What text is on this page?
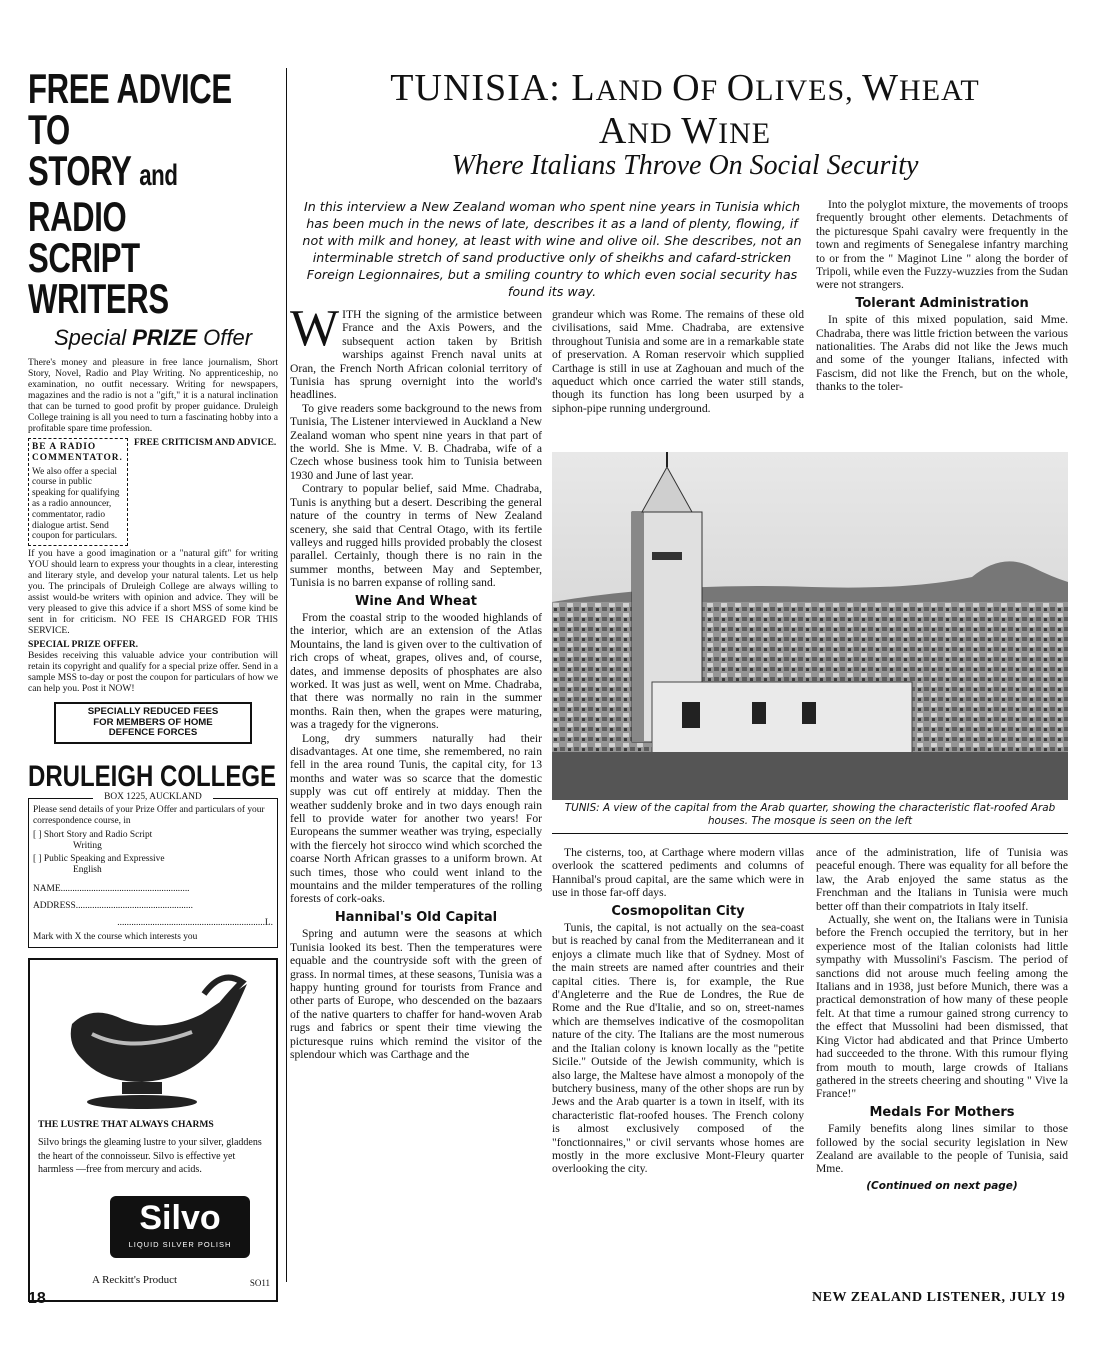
FREE ADVICE TO
STORY and RADIO
SCRIPT WRITERS
Special PRIZE Offer

There's money and pleasure in free lance journalism, Short Story, Novel, Radio and Play Writing. No apprenticeship, no examination, no outfit necessary. Writing for newspapers, magazines and the radio is not a "gift," it is a natural inclination that can be turned to good profit by proper guidance. Druleigh College training is all you need to turn a fascinating hobby into a profitable spare time profession.

BE A RADIO COMMENTATOR.
We also offer a special course in public speaking for qualifying as a radio announcer, commentator, radio dialogue artist. Send coupon for particulars.
FREE CRITICISM AND ADVICE.

If you have a good imagination or a "natural gift" for writing YOU should learn to express your thoughts in a clear, interesting and literary style, and develop your natural talents. Let us help you. The principals of Druleigh College are always willing to assist would-be writers with opinion and advice. They will be very pleased to give this advice if a short MSS of some kind be sent in for criticism. NO FEE IS CHARGED FOR THIS SERVICE.

SPECIAL PRIZE OFFER.

Besides receiving this valuable advice your contribution will retain its copyright and qualify for a special prize offer. Send in a sample MSS to-day or post the coupon for particulars of how we can help you. Post it NOW!

SPECIALLY REDUCED FEES
FOR MEMBERS OF HOME
DEFENCE FORCES
DRULEIGH COLLEGE
BOX 1225, AUCKLAND
Please send details of your Prize Offer and particulars of your correspondence course, in
[ ] Short Story and Radio Script
Writing
[ ] Public Speaking and Expressive
English
NAME.......................................................
ADDRESS..................................................
...............................................................L.
Mark with X the course which interests you
THE LUSTRE THAT ALWAYS CHARMS
Silvo brings the gleaming lustre to your silver, gladdens the heart of the connoisseur. Silvo is effective yet harmless —free from mercury and acids.
Silvo
LIQUID SILVER POLISH
A Reckitt's Product	SO11
TUNISIA: LAND OF OLIVES, WHEAT
AND WINE
Where Italians Throve On Social Security
In this interview a New Zealand woman who spent nine years in Tunisia which has been much in the news of late, describes it as a land of plenty, flowing, if not with milk and honey, at least with wine and olive oil. She describes, not an interminable stretch of sand productive only of sheikhs and cafard-stricken Foreign Legionnaires, but a smiling country to which even social security has found its way.

Into the polyglot mixture, the movements of troops frequently brought other elements. Detachments of the picturesque Spahi cavalry were frequently in the town and regiments of Senegalese infantry marching to or from the " Maginot Line " along the border of Tripoli, while even the Fuzzy-wuzzies from the Sudan were not strangers.

Tolerant Administration

In spite of this mixed population, said Mme. Chadraba, there was little friction between the various nationalities. The Arabs did not like the Jews much and some of the younger Italians, infected with Fascism, did not like the French, but on the whole, thanks to the toler-

WITH the signing of the armistice between France and the Axis Powers, and the subsequent action taken by British warships against French naval units at Oran, the French North African colonial territory of Tunisia has sprung overnight into the world's headlines.

To give readers some background to the news from Tunisia, The Listener interviewed in Auckland a New Zealand woman who spent nine years in that part of the world. She is Mme. V. B. Chadraba, wife of a Czech whose business took him to Tunisia between 1930 and June of last year.

Contrary to popular belief, said Mme. Chadraba, Tunis is anything but a desert. Describing the general nature of the country in terms of New Zealand scenery, she said that Central Otago, with its fertile valleys and rugged hills provided probably the closest parallel. Certainly, though there is no rain in the summer months, between May and September, Tunisia is no barren expanse of rolling sand.

Wine And Wheat

From the coastal strip to the wooded highlands of the interior, which are an extension of the Atlas Mountains, the land is given over to the cultivation of rich crops of wheat, grapes, olives and, of course, dates, and immense deposits of phosphates are also worked. It was just as well, went on Mme. Chadraba, that there was normally no rain in the summer months. Rain then, when the grapes were maturing, was a tragedy for the vignerons.

Long, dry summers naturally had their disadvantages. At one time, she remembered, no rain fell in the area round Tunis, the capital city, for 13 months and water was so scarce that the domestic supply was cut off entirely at midday. Then the weather suddenly broke and in two days enough rain fell to provide water for another two years! For Europeans the summer weather was trying, especially with the fiercely hot sirocco wind which scorched the coarse North African grasses to a uniform brown. At such times, those who could went inland to the mountains and the milder temperatures of the rolling forests of cork-oaks.

Hannibal's Old Capital

Spring and autumn were the seasons at which Tunisia looked its best. Then the temperatures were equable and the countryside soft with the green of grass. In normal times, at these seasons, Tunisia was a happy hunting ground for tourists from France and other parts of Europe, who descended on the bazaars of the native quarters to chaffer for hand-woven Arab rugs and fabrics or spent their time viewing the picturesque ruins which remind the visitor of the splendour which was Carthage and the

grandeur which was Rome. The remains of these old civilisations, said Mme. Chadraba, are extensive throughout Tunisia and some are in a remarkable state of preservation. A Roman reservoir which supplied Carthage is still in use at Zaghouan and much of the aqueduct which once carried the water still stands, though its function has long been usurped by a siphon-pipe running underground.

TUNIS: A view of the capital from the Arab quarter, showing the characteristic flat-roofed Arab houses. The mosque is seen on the left

The cisterns, too, at Carthage where modern villas overlook the scattered pediments and columns of Hannibal's proud capital, are the same which were in use in those far-off days.

Cosmopolitan City

Tunis, the capital, is not actually on the sea-coast but is reached by canal from the Mediterranean and it enjoys a climate much like that of Sydney. Most of the main streets are named after countries and their capital cities. There is, for example, the Rue d'Angleterre and the Rue de Londres, the Rue de Rome and the Rue d'Italie, and so on, street-names which are themselves indicative of the cosmopolitan nature of the city. The Italians are the most numerous and the Italian colony is known locally as the "petite Sicile." Outside of the Jewish community, which is also large, the Maltese have almost a monopoly of the butchery business, many of the other shops are run by Jews and the Arab quarter is a town in itself, with its characteristic flat-roofed houses. The French colony is almost exclusively composed of the "fonctionnaires," or civil servants whose homes are mostly in the more exclusive Mont-Fleury quarter overlooking the city.

ance of the administration, life of Tunisia was peaceful enough. There was equality for all before the law, the Arab enjoyed the same status as the Frenchman and the Italians in Tunisia were much better off than their compatriots in Italy itself.

Actually, she went on, the Italians were in Tunisia before the French occupied the territory, but in her experience most of the Italian colonists had little sympathy with Mussolini's Fascism. The period of sanctions did not arouse much feeling among the Italians and in 1938, just before Munich, there was a practical demonstration of how many of these people felt. At that time a rumour gained strong currency to the effect that Mussolini had been dismissed, that King Victor had abdicated and that Prince Umberto had succeeded to the throne. With this rumour flying from mouth to mouth, large crowds of Italians gathered in the streets cheering and shouting " Vive la France!"

Medals For Mothers

Family benefits along lines similar to those followed by the social security legislation in New Zealand are available to the people of Tunisia, said Mme.

(Continued on next page)
18	NEW ZEALAND LISTENER, JULY 19
